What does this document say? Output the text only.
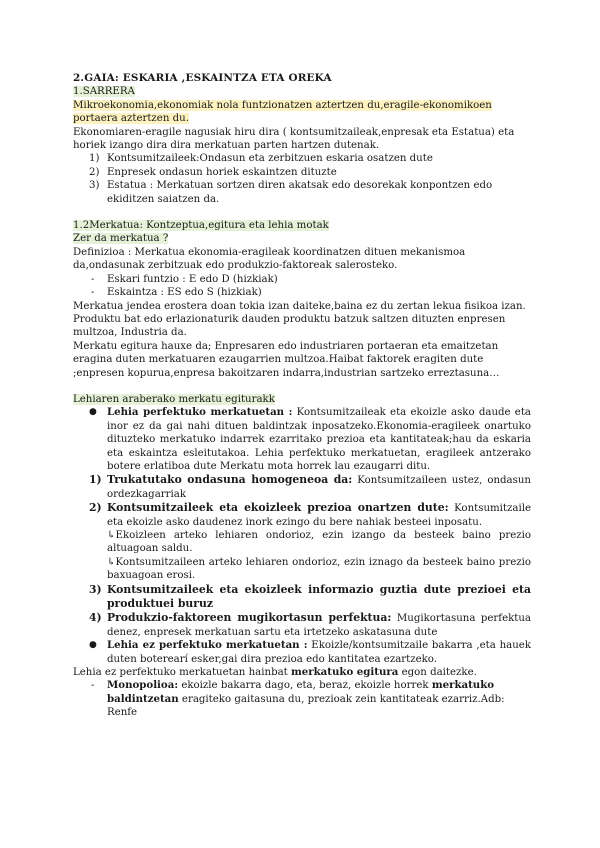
2.GAIA: ESKARIA ,ESKAINTZA ETA OREKA

1.SARRERA

Mikroekonomia,ekonomiak nola funtzionatzen aztertzen du,eragile-ekonomikoen portaera aztertzen du.

Ekonomiaren-eragile nagusiak hiru dira ( kontsumitzaileak,enpresak eta Estatua) eta horiek izango dira dira merkatuan parten hartzen dutenak.

1) Kontsumitzaileek:Ondasun eta zerbitzuen eskaria osatzen dute
2) Enpresek ondasun horiek eskaintzen dituzte
3) Estatua : Merkatuan sortzen diren akatsak edo desorekak konpontzen edo ekiditzen saiatzen da.

1.2Merkatua: Kontzeptua,egitura eta lehia motak

Zer da merkatua ?

Definizioa : Merkatua ekonomia-eragileak koordinatzen dituen mekanismoa da,ondasunak zerbitzuak edo produkzio-faktoreak salerosteko.

- Eskari funtzio : E edo D (hizkiak)
- Eskaintza : ES edo S (hizkiak)

Merkatua jendea erostera doan tokia izan daiteke,baina ez du zertan lekua fisikoa izan. Produktu bat edo erlazionaturik dauden produktu batzuk saltzen dituzten enpresen multzoa, Industria da.

Merkatu egitura hauxe da; Enpresaren edo industriaren portaeran eta emaitzetan eragina duten merkatuaren ezaugarrien multzoa.Haibat faktorek eragiten dute ;enpresen kopurua,enpresa bakoitzaren indarra,industrian sartzeko erreztasuna…

Lehiaren araberako merkatu egiturakk

● Lehia perfektuko merkatuetan : Kontsumitzaileak eta ekoizle asko daude eta inor ez da gai nahi dituen baldintzak inposatzeko.Ekonomia-eragileek onartuko dituzteko merkatuko indarrek ezarritako prezioa eta kantitateak;hau da eskaria eta eskaintza esleitutakoa. Lehia perfektuko merkatuetan, eragileek antzerako botere erlatiboa dute Merkatu mota horrek lau ezaugarri ditu.
1) Trukatutako ondasuna homogeneoa da: Kontsumitzaileen ustez, ondasun ordezkagarriak
2) Kontsumitzaileek eta ekoizleek prezioa onartzen dute: Kontsumitzaile eta ekoizle asko daudenez inork ezingo du bere nahiak besteei inposatu.

↳Ekoizleen arteko lehiaren ondorioz, ezin izango da besteek baino prezio altuagoan saldu.

↳Kontsumitzaileen arteko lehiaren ondorioz, ezin iznago da besteek baino prezio baxuagoan erosi.

3) Kontsumitzaileek eta ekoizleek informazio guztia dute prezioei eta produktuei buruz
4) Produkzio-faktoreen mugikortasun perfektua: Mugikortasuna perfektua denez, enpresek merkatuan sartu eta irtetzeko askatasuna dute
● Lehia ez perfektuko merkatuetan : Ekoizle/kontsumitzaile bakarra ,eta hauek duten boterearí esker,gai dira prezioa edo kantitatea ezartzeko.

Lehia ez perfektuko merkatuetan hainbat merkatuko egitura egon daitezke.

- Monopolioa: ekoizle bakarra dago, eta, beraz, ekoizle horrek merkatuko baldintzetan eragiteko gaitasuna du, prezioak zein kantitateak ezarriz.Adb: Renfe
